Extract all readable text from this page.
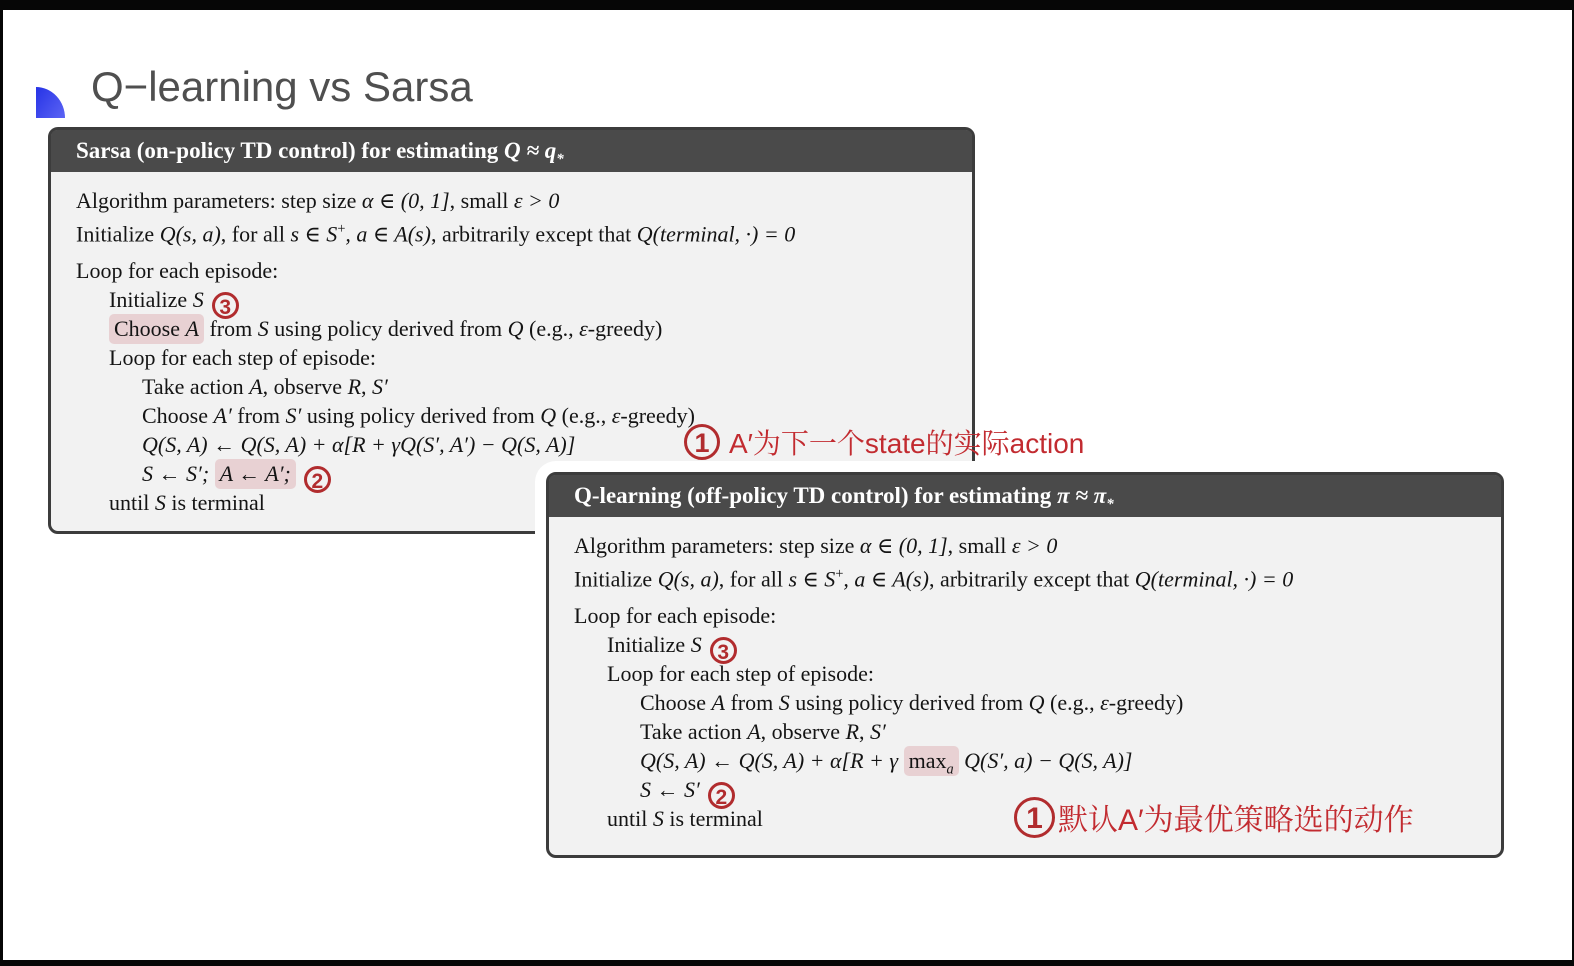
Q−learning vs Sarsa
Sarsa (on-policy TD control) for estimating $Q \approx q_*$
Algorithm parameters: step size α ∈ (0, 1], small ε > 0
Initialize Q(s, a), for all s ∈ S+, a ∈ A(s), arbitrarily except that Q(terminal, ·) = 0
Loop for each episode:
Initialize S 3
Choose A from S using policy derived from Q (e.g., ε-greedy)
Loop for each step of episode:
Take action A, observe R, S′
Choose A′ from S′ using policy derived from Q (e.g., ε-greedy)
Q(S, A) ← Q(S, A) + α[R + γQ(S′, A′) − Q(S, A)]
S ← S′; A ← A′; 2
until S is terminal	Q-learning (off-policy TD control) for estimating $\pi \approx \pi_*$
Algorithm parameters: step size α ∈ (0, 1], small ε > 0
Initialize Q(s, a), for all s ∈ S+, a ∈ A(s), arbitrarily except that Q(terminal, ·) = 0
Loop for each episode:
Initialize S 3
Loop for each step of episode:
Choose A from S using policy derived from Q (e.g., ε-greedy)
Take action A, observe R, S′
Q(S, A) ← Q(S, A) + α[R + γ $\max_a Q(S'$, a) − Q(S, A)]
S ← S′ 2
until S is terminal
1 A′为下一个state的实际action
1 默认A′为最优策略选的动作
